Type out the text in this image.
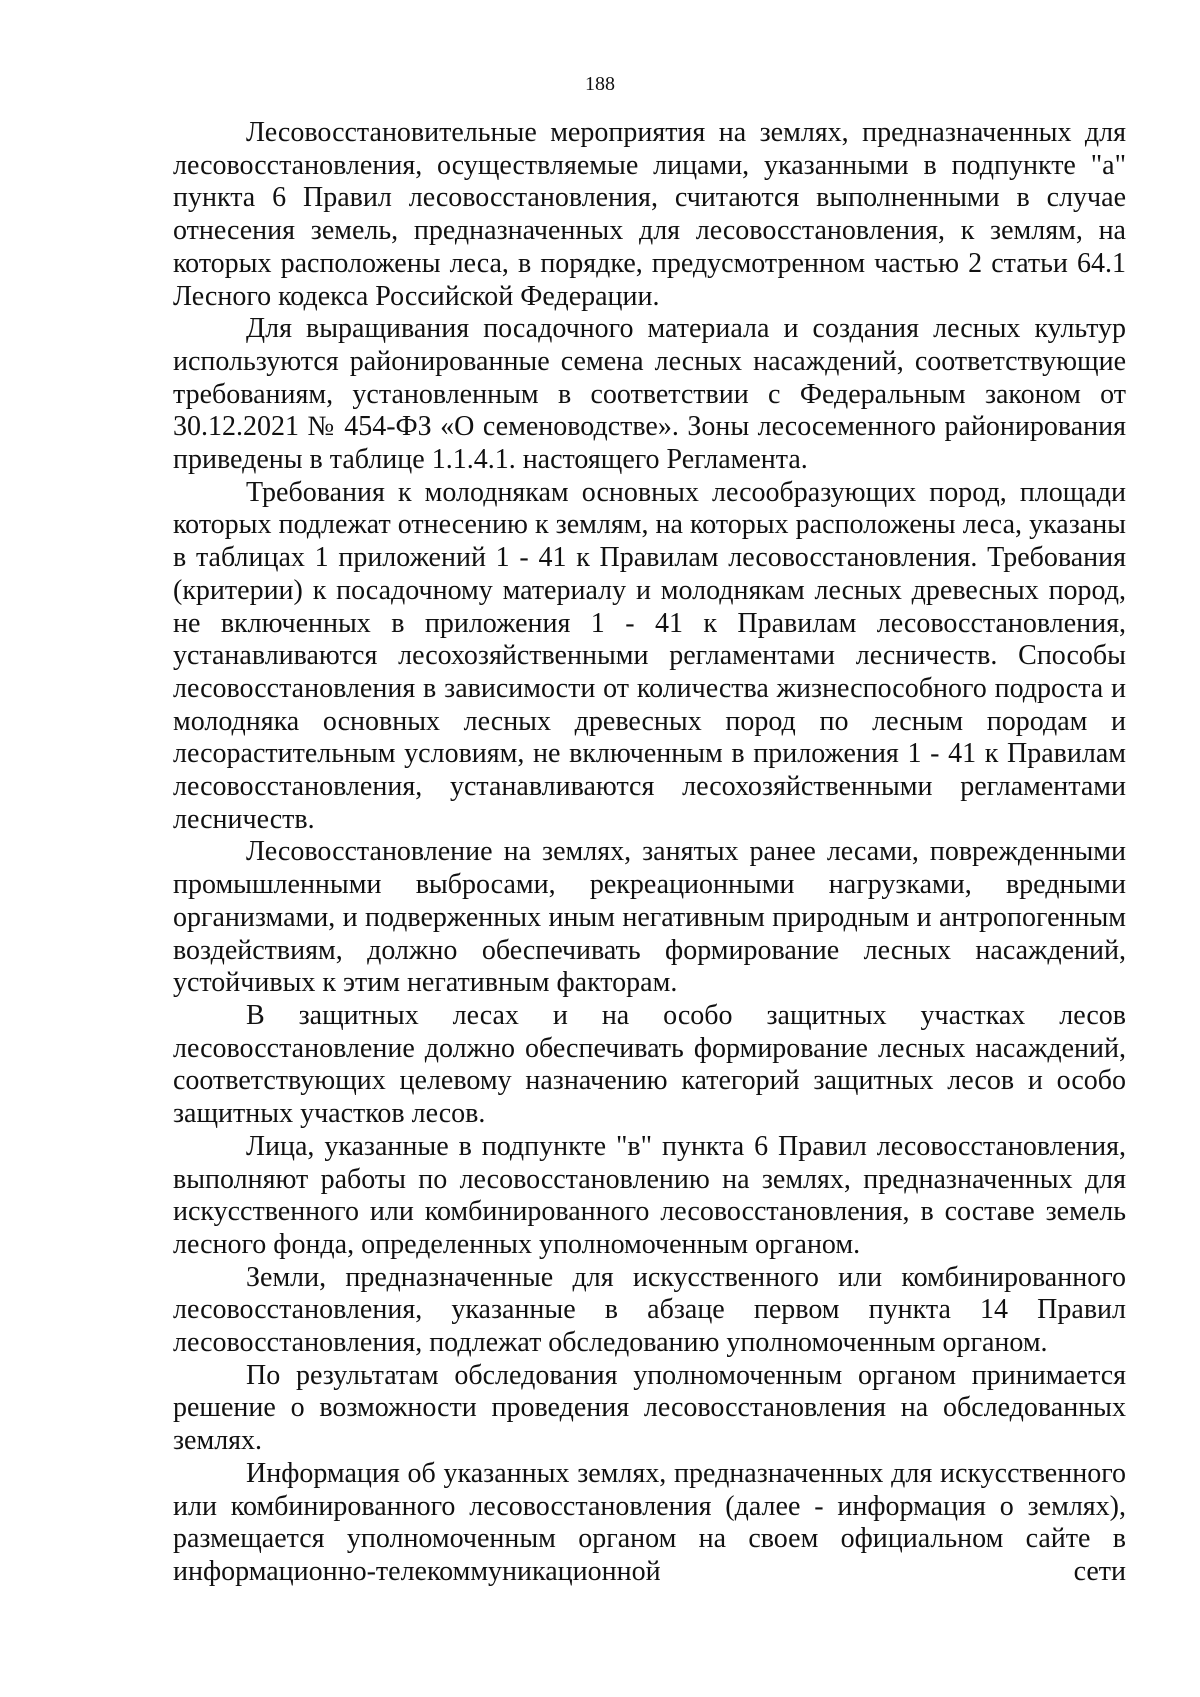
188

Лесовосстановительные мероприятия на землях, предназначенных для лесовосстановления, осуществляемые лицами, указанными в подпункте "а" пункта 6 Правил лесовосстановления, считаются выполненными в случае отнесения земель, предназначенных для лесовосстановления, к землям, на которых расположены леса, в порядке, предусмотренном частью 2 статьи 64.1 Лесного кодекса Российской Федерации.

Для выращивания посадочного материала и создания лесных культур используются районированные семена лесных насаждений, соответствующие требованиям, установленным в соответствии с Федеральным законом от 30.12.2021 № 454-ФЗ «О семеноводстве». Зоны лесосеменного районирования приведены в таблице 1.1.4.1. настоящего Регламента.

Требования к молоднякам основных лесообразующих пород, площади которых подлежат отнесению к землям, на которых расположены леса, указаны в таблицах 1 приложений 1 - 41 к Правилам лесовосстановления. Требования (критерии) к посадочному материалу и молоднякам лесных древесных пород, не включенных в приложения 1 - 41 к Правилам лесовосстановления, устанавливаются лесохозяйственными регламентами лесничеств. Способы лесовосстановления в зависимости от количества жизнеспособного подроста и молодняка основных лесных древесных пород по лесным породам и лесорастительным условиям, не включенным в приложения 1 - 41 к Правилам лесовосстановления, устанавливаются лесохозяйственными регламентами лесничеств.

Лесовосстановление на землях, занятых ранее лесами, поврежденными промышленными выбросами, рекреационными нагрузками, вредными организмами, и подверженных иным негативным природным и антропогенным воздействиям, должно обеспечивать формирование лесных насаждений, устойчивых к этим негативным факторам.

В защитных лесах и на особо защитных участках лесов лесовосстановление должно обеспечивать формирование лесных насаждений, соответствующих целевому назначению категорий защитных лесов и особо защитных участков лесов.

Лица, указанные в подпункте "в" пункта 6 Правил лесовосстановления, выполняют работы по лесовосстановлению на землях, предназначенных для искусственного или комбинированного лесовосстановления, в составе земель лесного фонда, определенных уполномоченным органом.

Земли, предназначенные для искусственного или комбинированного лесовосстановления, указанные в абзаце первом пункта 14 Правил лесовосстановления, подлежат обследованию уполномоченным органом.

По результатам обследования уполномоченным органом принимается решение о возможности проведения лесовосстановления на обследованных землях.

Информация об указанных землях, предназначенных для искусственного или комбинированного лесовосстановления (далее - информация о землях), размещается уполномоченным органом на своем официальном сайте в информационно-телекоммуникационной сети
